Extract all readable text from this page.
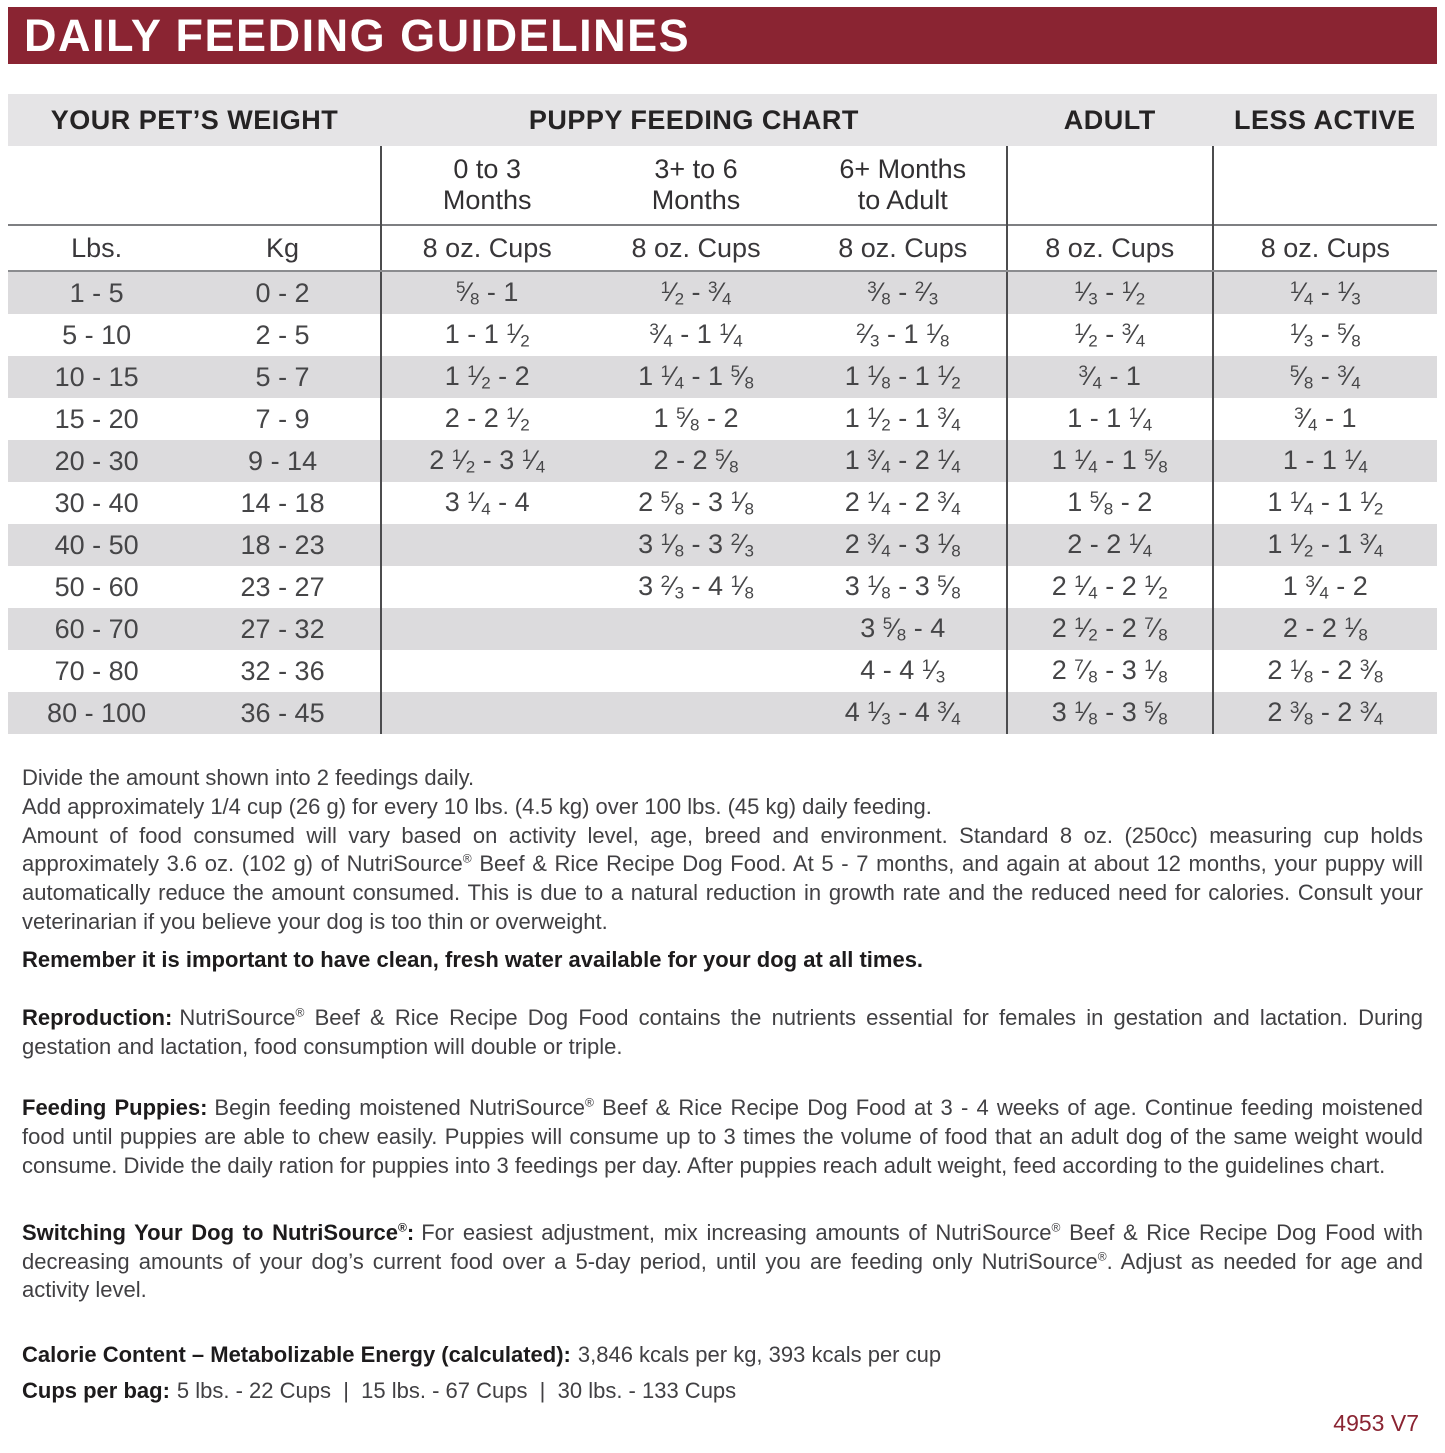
DAILY FEEDING GUIDELINES
YOUR PET’S WEIGHT		PUPPY FEEDING CHART			ADULT	LESS ACTIVE

0 to 3
Months

3+ to 6
Months

6+ Months
to Adult

Lbs.	Kg	8 oz. Cups	8 oz. Cups	8 oz. Cups	8 oz. Cups	8 oz. Cups
1 - 5	0 - 2	$^5$⁄8 - 1	$^1$⁄2 - $^3$⁄4	$^3$⁄8 - $^2$⁄3	$^1$⁄3 - $^1$⁄2	$^1$⁄4 - $^1$⁄3
5 - 10	2 - 5	1 - 1 $^1$⁄2	$^3$⁄4 - 1 $^1$⁄4	$^2$⁄3 - 1 $^1$⁄8	$^1$⁄2 - $^3$⁄4	$^1$⁄3 - $^5$⁄8
10 - 15	5 - 7	1 $^1$⁄2 - 2	1 $^1$⁄4 - 1 $^5$⁄8	1 $^1$⁄8 - 1 $^1$⁄2	$^3$⁄4 - 1	$^5$⁄8 - $^3$⁄4
15 - 20	7 - 9	2 - 2 $^1$⁄2	1 $^5$⁄8 - 2	1 $^1$⁄2 - 1 $^3$⁄4	1 - 1 $^1$⁄4	$^3$⁄4 - 1
20 - 30	9 - 14	2 $^1$⁄2 - 3 $^1$⁄4	2 - 2 $^5$⁄8	1 $^3$⁄4 - 2 $^1$⁄4	1 $^1$⁄4 - 1 $^5$⁄8	1 - 1 $^1$⁄4
30 - 40	14 - 18	3 $^1$⁄4 - 4	2 $^5$⁄8 - 3 $^1$⁄8	2 $^1$⁄4 - 2 $^3$⁄4	1 $^5$⁄8 - 2	1 $^1$⁄4 - 1 $^1$⁄2
40 - 50	18 - 23		3 $^1$⁄8 - 3 $^2$⁄3	2 $^3$⁄4 - 3 $^1$⁄8	2 - 2 $^1$⁄4	1 $^1$⁄2 - 1 $^3$⁄4
50 - 60	23 - 27		3 $^2$⁄3 - 4 $^1$⁄8	3 $^1$⁄8 - 3 $^5$⁄8	2 $^1$⁄4 - 2 $^1$⁄2	1 $^3$⁄4 - 2
60 - 70	27 - 32			3 $^5$⁄8 - 4	2 $^1$⁄2 - 2 $^7$⁄8	2 - 2 $^1$⁄8
70 - 80	32 - 36			4 - 4 $^1$⁄3	2 $^7$⁄8 - 3 $^1$⁄8	2 $^1$⁄8 - 2 $^3$⁄8
80 - 100	36 - 45			4 $^1$⁄3 - 4 $^3$⁄4	3 $^1$⁄8 - 3 $^5$⁄8	2 $^3$⁄8 - 2 $^3$⁄4

Divide the amount shown into 2 feedings daily.

Add approximately 1/4 cup (26 g) for every 10 lbs. (4.5 kg) over 100 lbs. (45 kg) daily feeding.

Amount of food consumed will vary based on activity level, age, breed and environment. Standard 8 oz. (250cc) measuring cup holds approximately 3.6 oz. (102 g) of NutriSource® Beef & Rice Recipe Dog Food. At 5 - 7 months, and again at about 12 months, your puppy will automatically reduce the amount consumed. This is due to a natural reduction in growth rate and the reduced need for calories. Consult your veterinarian if you believe your dog is too thin or overweight.

Remember it is important to have clean, fresh water available for your dog at all times.

Reproduction: NutriSource® Beef & Rice Recipe Dog Food contains the nutrients essential for females in gestation and lactation. During gestation and lactation, food consumption will double or triple.

Feeding Puppies: Begin feeding moistened NutriSource® Beef & Rice Recipe Dog Food at 3 - 4 weeks of age. Continue feeding moistened food until puppies are able to chew easily. Puppies will consume up to 3 times the volume of food that an adult dog of the same weight would consume. Divide the daily ration for puppies into 3 feedings per day. After puppies reach adult weight, feed according to the guidelines chart.

Switching Your Dog to NutriSource®: For easiest adjustment, mix increasing amounts of NutriSource® Beef & Rice Recipe Dog Food with decreasing amounts of your dog’s current food over a 5-day period, until you are feeding only NutriSource®. Adjust as needed for age and activity level.

Calorie Content – Metabolizable Energy (calculated): 3,846 kcals per kg, 393 kcals per cup

Cups per bag: 5 lbs. - 22 Cups  |  15 lbs. - 67 Cups  |  30 lbs. - 133 Cups

4953 V7
